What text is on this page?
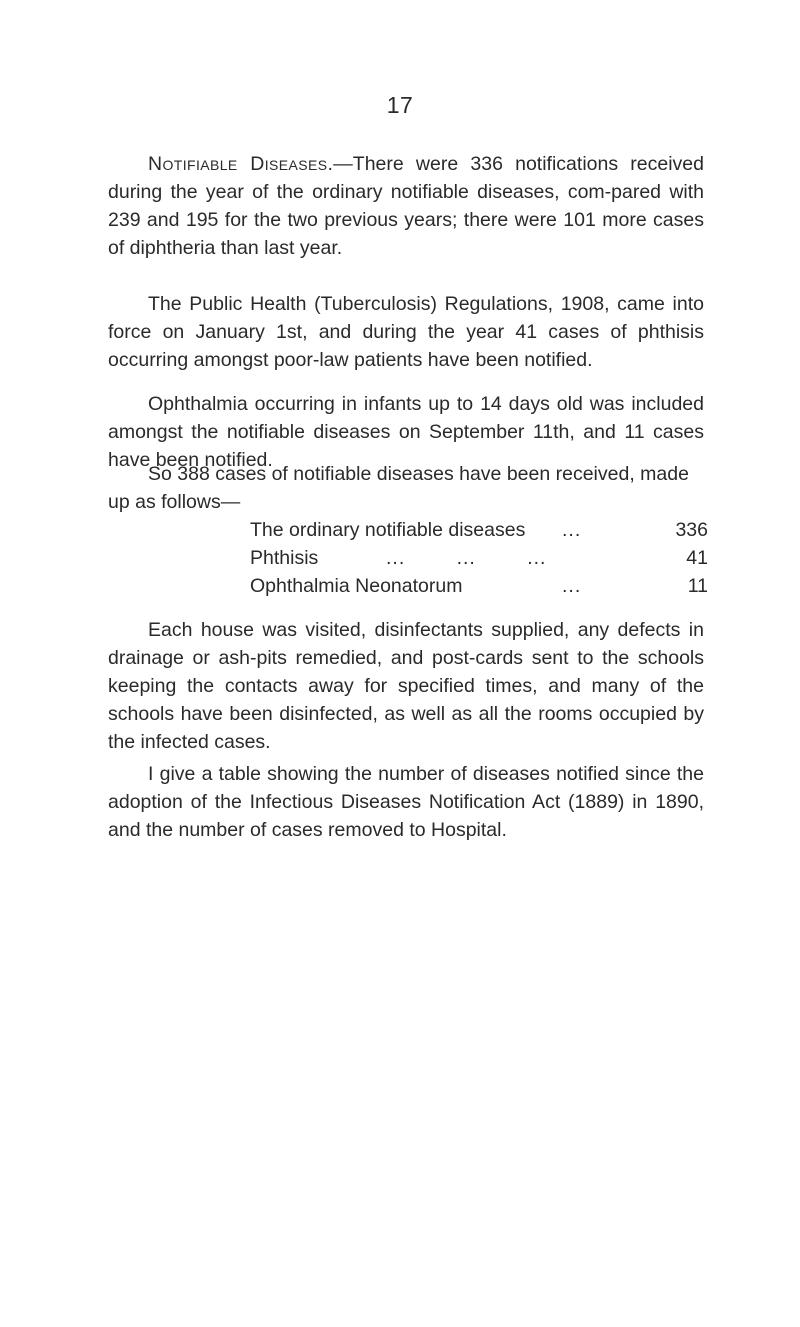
17

Notifiable Diseases.—There were 336 notifications received during the year of the ordinary notifiable diseases, com-pared with 239 and 195 for the two previous years; there were 101 more cases of diphtheria than last year.

The Public Health (Tuberculosis) Regulations, 1908, came into force on January 1st, and during the year 41 cases of phthisis occurring amongst poor-law patients have been notified.

Ophthalmia occurring in infants up to 14 days old was included amongst the notifiable diseases on September 11th, and 11 cases have been notified.

So 388 cases of notifiable diseases have been received, made up as follows—

The ordinary notifiable diseases ...	336
Phthisis	...        ...        ...	41
Ophthalmia Neonatorum	...	11

Each house was visited, disinfectants supplied, any defects in drainage or ash-pits remedied, and post-cards sent to the schools keeping the contacts away for specified times, and many of the schools have been disinfected, as well as all the rooms occupied by the infected cases.

I give a table showing the number of diseases notified since the adoption of the Infectious Diseases Notification Act (1889) in 1890, and the number of cases removed to Hospital.
